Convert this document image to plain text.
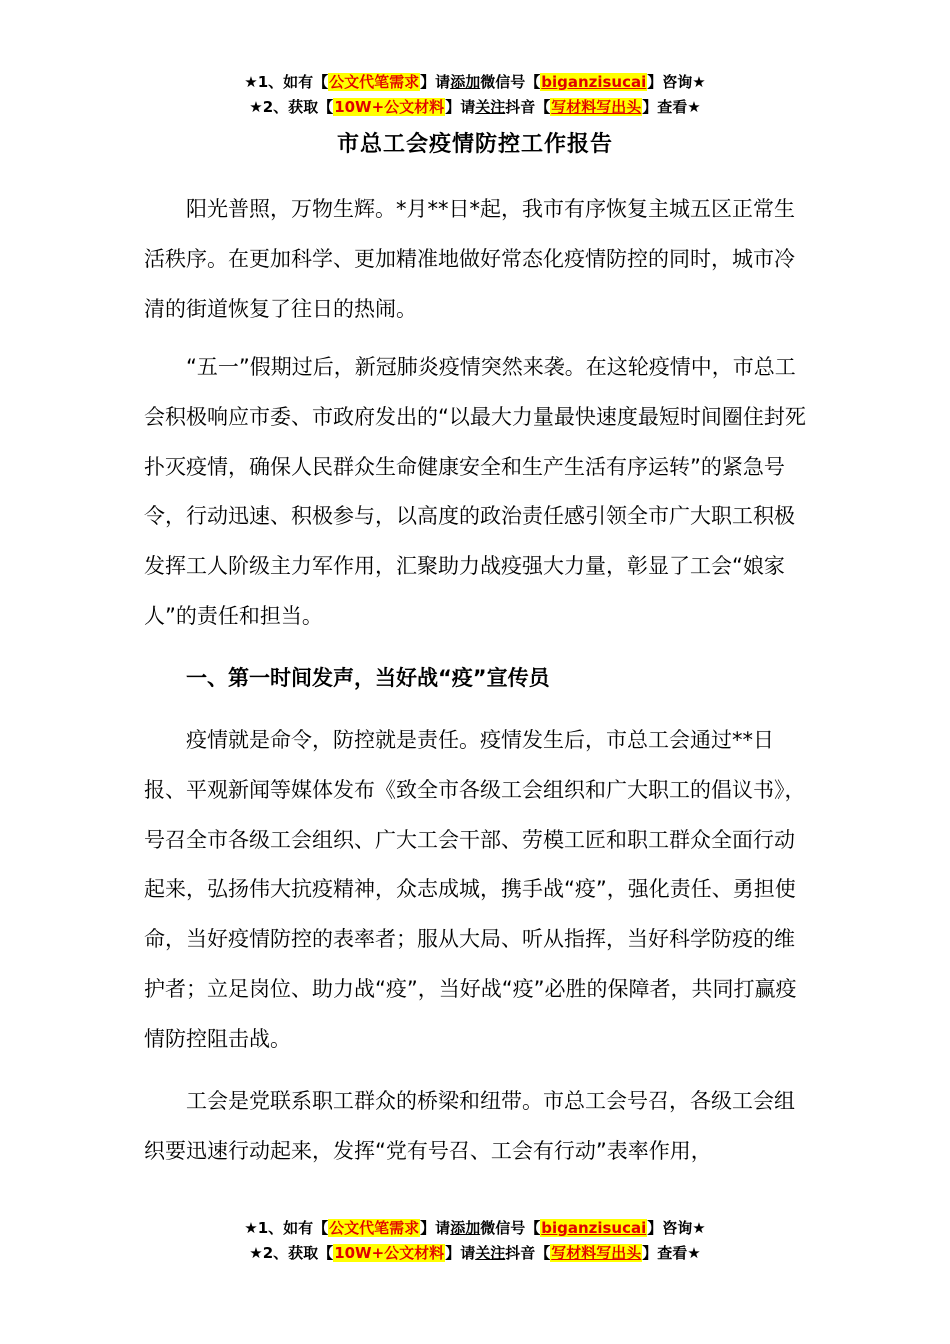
★1、如有【公文代笔需求】请添加微信号【biganzisucai】咨询★
★2、获取【10W+公文材料】请关注抖音【写材料写出头】查看★
市总工会疫情防控工作报告

阳光普照，万物生辉。*月**日*起，我市有序恢复主城五区正常生活秩序。在更加科学、更加精准地做好常态化疫情防控的同时，城市冷清的街道恢复了往日的热闹。

“五一”假期过后，新冠肺炎疫情突然来袭。在这轮疫情中，市总工会积极响应市委、市政府发出的“以最大力量最快速度最短时间圈住封死扑灭疫情，确保人民群众生命健康安全和生产生活有序运转”的紧急号令，行动迅速、积极参与，以高度的政治责任感引领全市广大职工积极发挥工人阶级主力军作用，汇聚助力战疫强大力量，彰显了工会“娘家人”的责任和担当。

一、第一时间发声，当好战“疫”宣传员

疫情就是命令，防控就是责任。疫情发生后，市总工会通过**日报、平观新闻等媒体发布《致全市各级工会组织和广大职工的倡议书》，号召全市各级工会组织、广大工会干部、劳模工匠和职工群众全面行动起来，弘扬伟大抗疫精神，众志成城，携手战“疫”，强化责任、勇担使命，当好疫情防控的表率者；服从大局、听从指挥，当好科学防疫的维护者；立足岗位、助力战“疫”，当好战“疫”必胜的保障者，共同打赢疫情防控阻击战。

工会是党联系职工群众的桥梁和纽带。市总工会号召，各级工会组织要迅速行动起来，发挥“党有号召、工会有行动”表率作用，

★1、如有【公文代笔需求】请添加微信号【biganzisucai】咨询★
★2、获取【10W+公文材料】请关注抖音【写材料写出头】查看★
